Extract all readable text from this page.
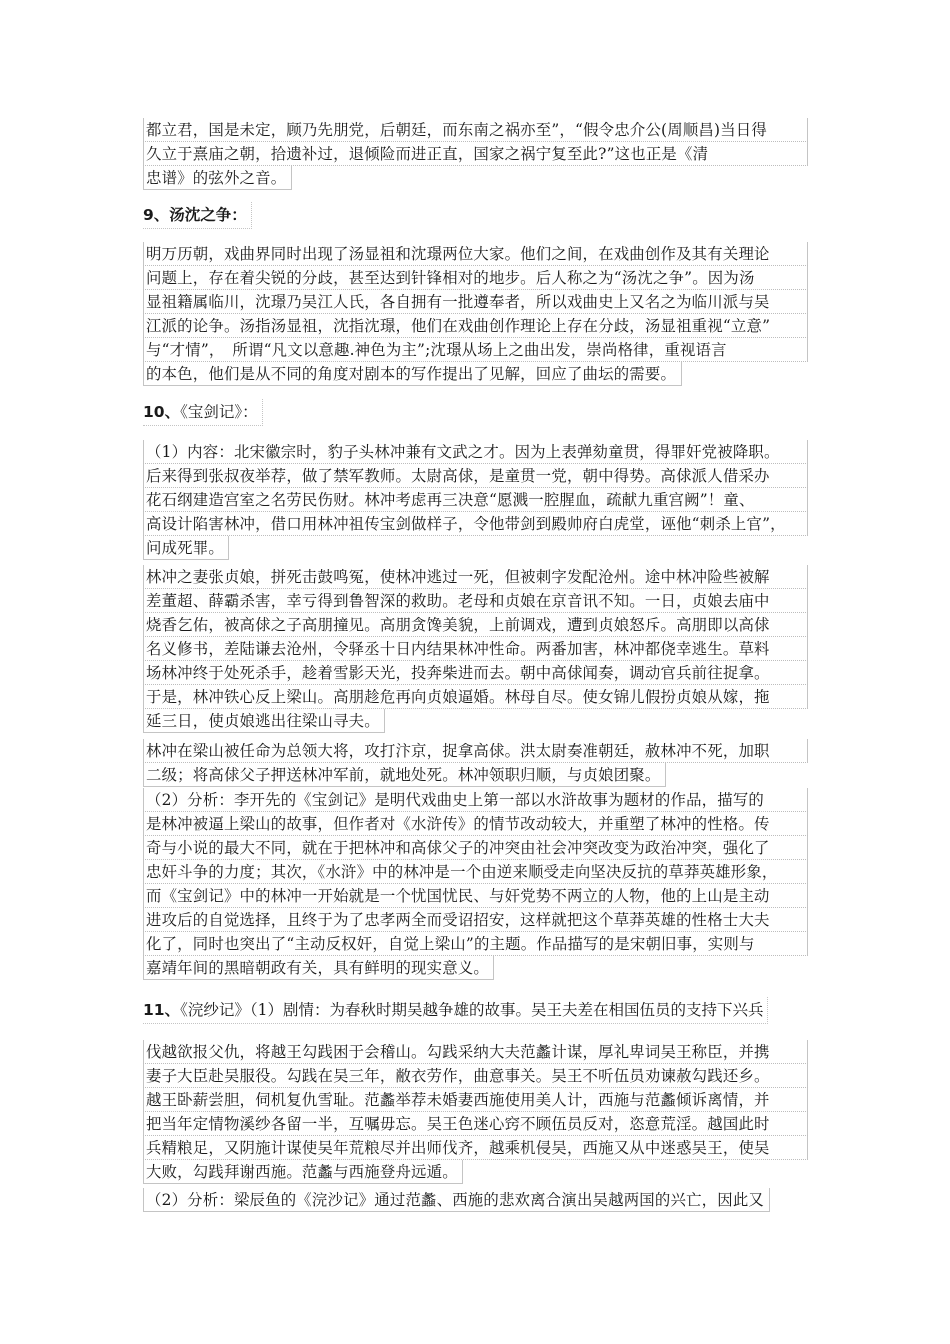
都立君，国是未定，顾乃先朋党，后朝廷，而东南之祸亦至”，“假令忠介公(周顺昌)当日得
久立于熹庙之朝，拾遗补过，退倾险而进正直，国家之祸宁复至此?”这也正是《清
忠谱》的弦外之音。
9、汤沈之争：
明万历朝，戏曲界同时出现了汤显祖和沈璟两位大家。他们之间，在戏曲创作及其有关理论
问题上，存在着尖锐的分歧，甚至达到针锋相对的地步。后人称之为“汤沈之争”。因为汤
显祖籍属临川，沈璟乃吴江人氏，各自拥有一批遵奉者，所以戏曲史上又名之为临川派与吴
江派的论争。汤指汤显祖，沈指沈璟，他们在戏曲创作理论上存在分歧，汤显祖重视“立意”
与“才情”，　所谓“凡文以意趣.神色为主”;沈璟从场上之曲出发，崇尚格律，重视语言
的本色，他们是从不同的角度对剧本的写作提出了见解，回应了曲坛的需要。
10、《宝剑记》：
（1）内容：北宋徽宗时，豹子头林冲兼有文武之才。因为上表弹劾童贯，得罪奸党被降职。
后来得到张叔夜举荐，做了禁军教师。太尉高俅，是童贯一党，朝中得势。高俅派人借采办
花石纲建造宫室之名劳民伤财。林冲考虑再三决意“愿溅一腔腥血，疏献九重宫阙”！童、
高设计陷害林冲，借口用林冲祖传宝剑做样子，令他带剑到殿帅府白虎堂，诬他“刺杀上官”，
问成死罪。
林冲之妻张贞娘，拼死击鼓鸣冤，使林冲逃过一死，但被刺字发配沧州。途中林冲险些被解
差董超、薛霸杀害，幸亏得到鲁智深的救助。老母和贞娘在京音讯不知。一日，贞娘去庙中
烧香乞佑，被高俅之子高朋撞见。高朋贪馋美貌，上前调戏，遭到贞娘怒斥。高朋即以高俅
名义修书，差陆谦去沧州，令驿丞十日内结果林冲性命。两番加害，林冲都侥幸逃生。草料
场林冲终于处死杀手，趁着雪影天光，投奔柴进而去。朝中高俅闻奏，调动官兵前往捉拿。
于是，林冲铁心反上梁山。高朋趁危再向贞娘逼婚。林母自尽。使女锦儿假扮贞娘从嫁，拖
延三日，使贞娘逃出往梁山寻夫。
林冲在梁山被任命为总领大将，攻打汴京，捉拿高俅。洪太尉奏准朝廷，赦林冲不死，加职
二级；将高俅父子押送林冲军前，就地处死。林冲领职归顺，与贞娘团聚。
（2）分析：李开先的《宝剑记》是明代戏曲史上第一部以水浒故事为题材的作品，描写的
是林冲被逼上梁山的故事，但作者对《水浒传》的情节改动较大，并重塑了林冲的性格。传
奇与小说的最大不同，就在于把林冲和高俅父子的冲突由社会冲突改变为政治冲突，强化了
忠奸斗争的力度；其次，《水浒》中的林冲是一个由逆来顺受走向坚决反抗的草莽英雄形象，
而《宝剑记》中的林冲一开始就是一个忧国忧民、与奸党势不两立的人物，他的上山是主动
进攻后的自觉选择，且终于为了忠孝两全而受诏招安，这样就把这个草莽英雄的性格士大夫
化了，同时也突出了“主动反权奸，自觉上梁山”的主题。作品描写的是宋朝旧事，实则与
嘉靖年间的黑暗朝政有关，具有鲜明的现实意义。
11、《浣纱记》（1）剧情：为春秋时期吴越争雄的故事。吴王夫差在相国伍员的支持下兴兵
伐越欲报父仇，将越王勾践困于会稽山。勾践采纳大夫范蠡计谋，厚礼卑词吴王称臣，并携
妻子大臣赴吴服役。勾践在吴三年，敝衣劳作，曲意事关。吴王不听伍员劝谏赦勾践还乡。
越王卧薪尝胆，伺机复仇雪耻。范蠡举荐未婚妻西施使用美人计，西施与范蠡倾诉离情，并
把当年定情物溪纱各留一半，互嘱毋忘。吴王色迷心窍不顾伍员反对，恣意荒淫。越国此时
兵精粮足，又阴施计谋使吴年荒粮尽并出师伐齐，越乘机侵吴，西施又从中迷惑吴王，使吴
大败，勾践拜谢西施。范蠡与西施登舟远遁。
（2）分析：梁辰鱼的《浣沙记》通过范蠡、西施的悲欢离合演出吴越两国的兴亡，因此又
